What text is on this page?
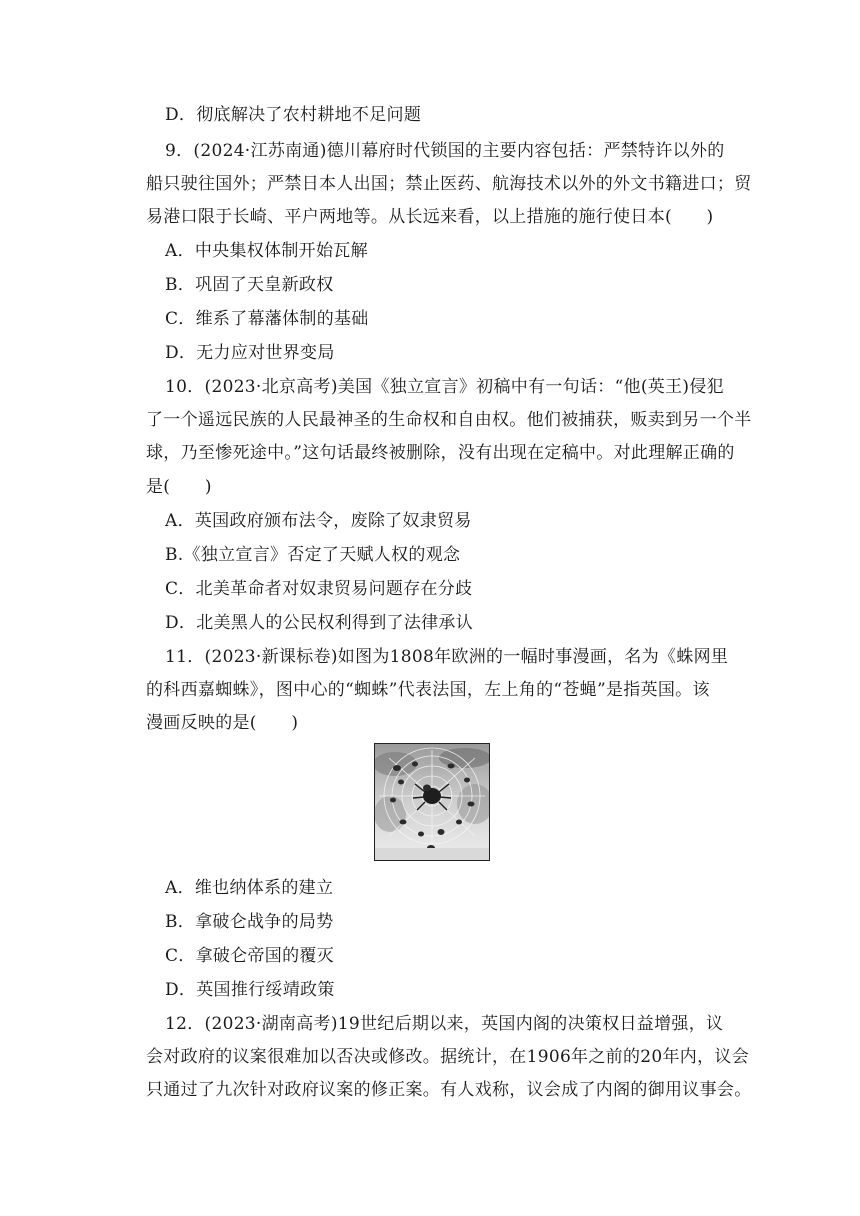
D．彻底解决了农村耕地不足问题
9．(2024·江苏南通)德川幕府时代锁国的主要内容包括：严禁特许以外的
船只驶往国外；严禁日本人出国；禁止医药、航海技术以外的外文书籍进口；贸
易港口限于长崎、平户两地等。从长远来看，以上措施的施行使日本(　　)
A．中央集权体制开始瓦解
B．巩固了天皇新政权
C．维系了幕藩体制的基础
D．无力应对世界变局
10．(2023·北京高考)美国《独立宣言》初稿中有一句话：“他(英王)侵犯
了一个遥远民族的人民最神圣的生命权和自由权。他们被捕获，贩卖到另一个半
球，乃至惨死途中。”这句话最终被删除，没有出现在定稿中。对此理解正确的
是(　　)
A．英国政府颁布法令，废除了奴隶贸易
B.《独立宣言》否定了天赋人权的观念
C．北美革命者对奴隶贸易问题存在分歧
D．北美黑人的公民权利得到了法律承认
11．(2023·新课标卷)如图为1808年欧洲的一幅时事漫画，名为《蛛网里
的科西嘉蜘蛛》，图中心的“蜘蛛”代表法国，左上角的“苍蝇”是指英国。该
漫画反映的是(　　)
A．维也纳体系的建立
B．拿破仑战争的局势
C．拿破仑帝国的覆灭
D．英国推行绥靖政策
12．(2023·湖南高考)19世纪后期以来，英国内阁的决策权日益增强，议
会对政府的议案很难加以否决或修改。据统计，在1906年之前的20年内，议会
只通过了九次针对政府议案的修正案。有人戏称，议会成了内阁的御用议事会。
